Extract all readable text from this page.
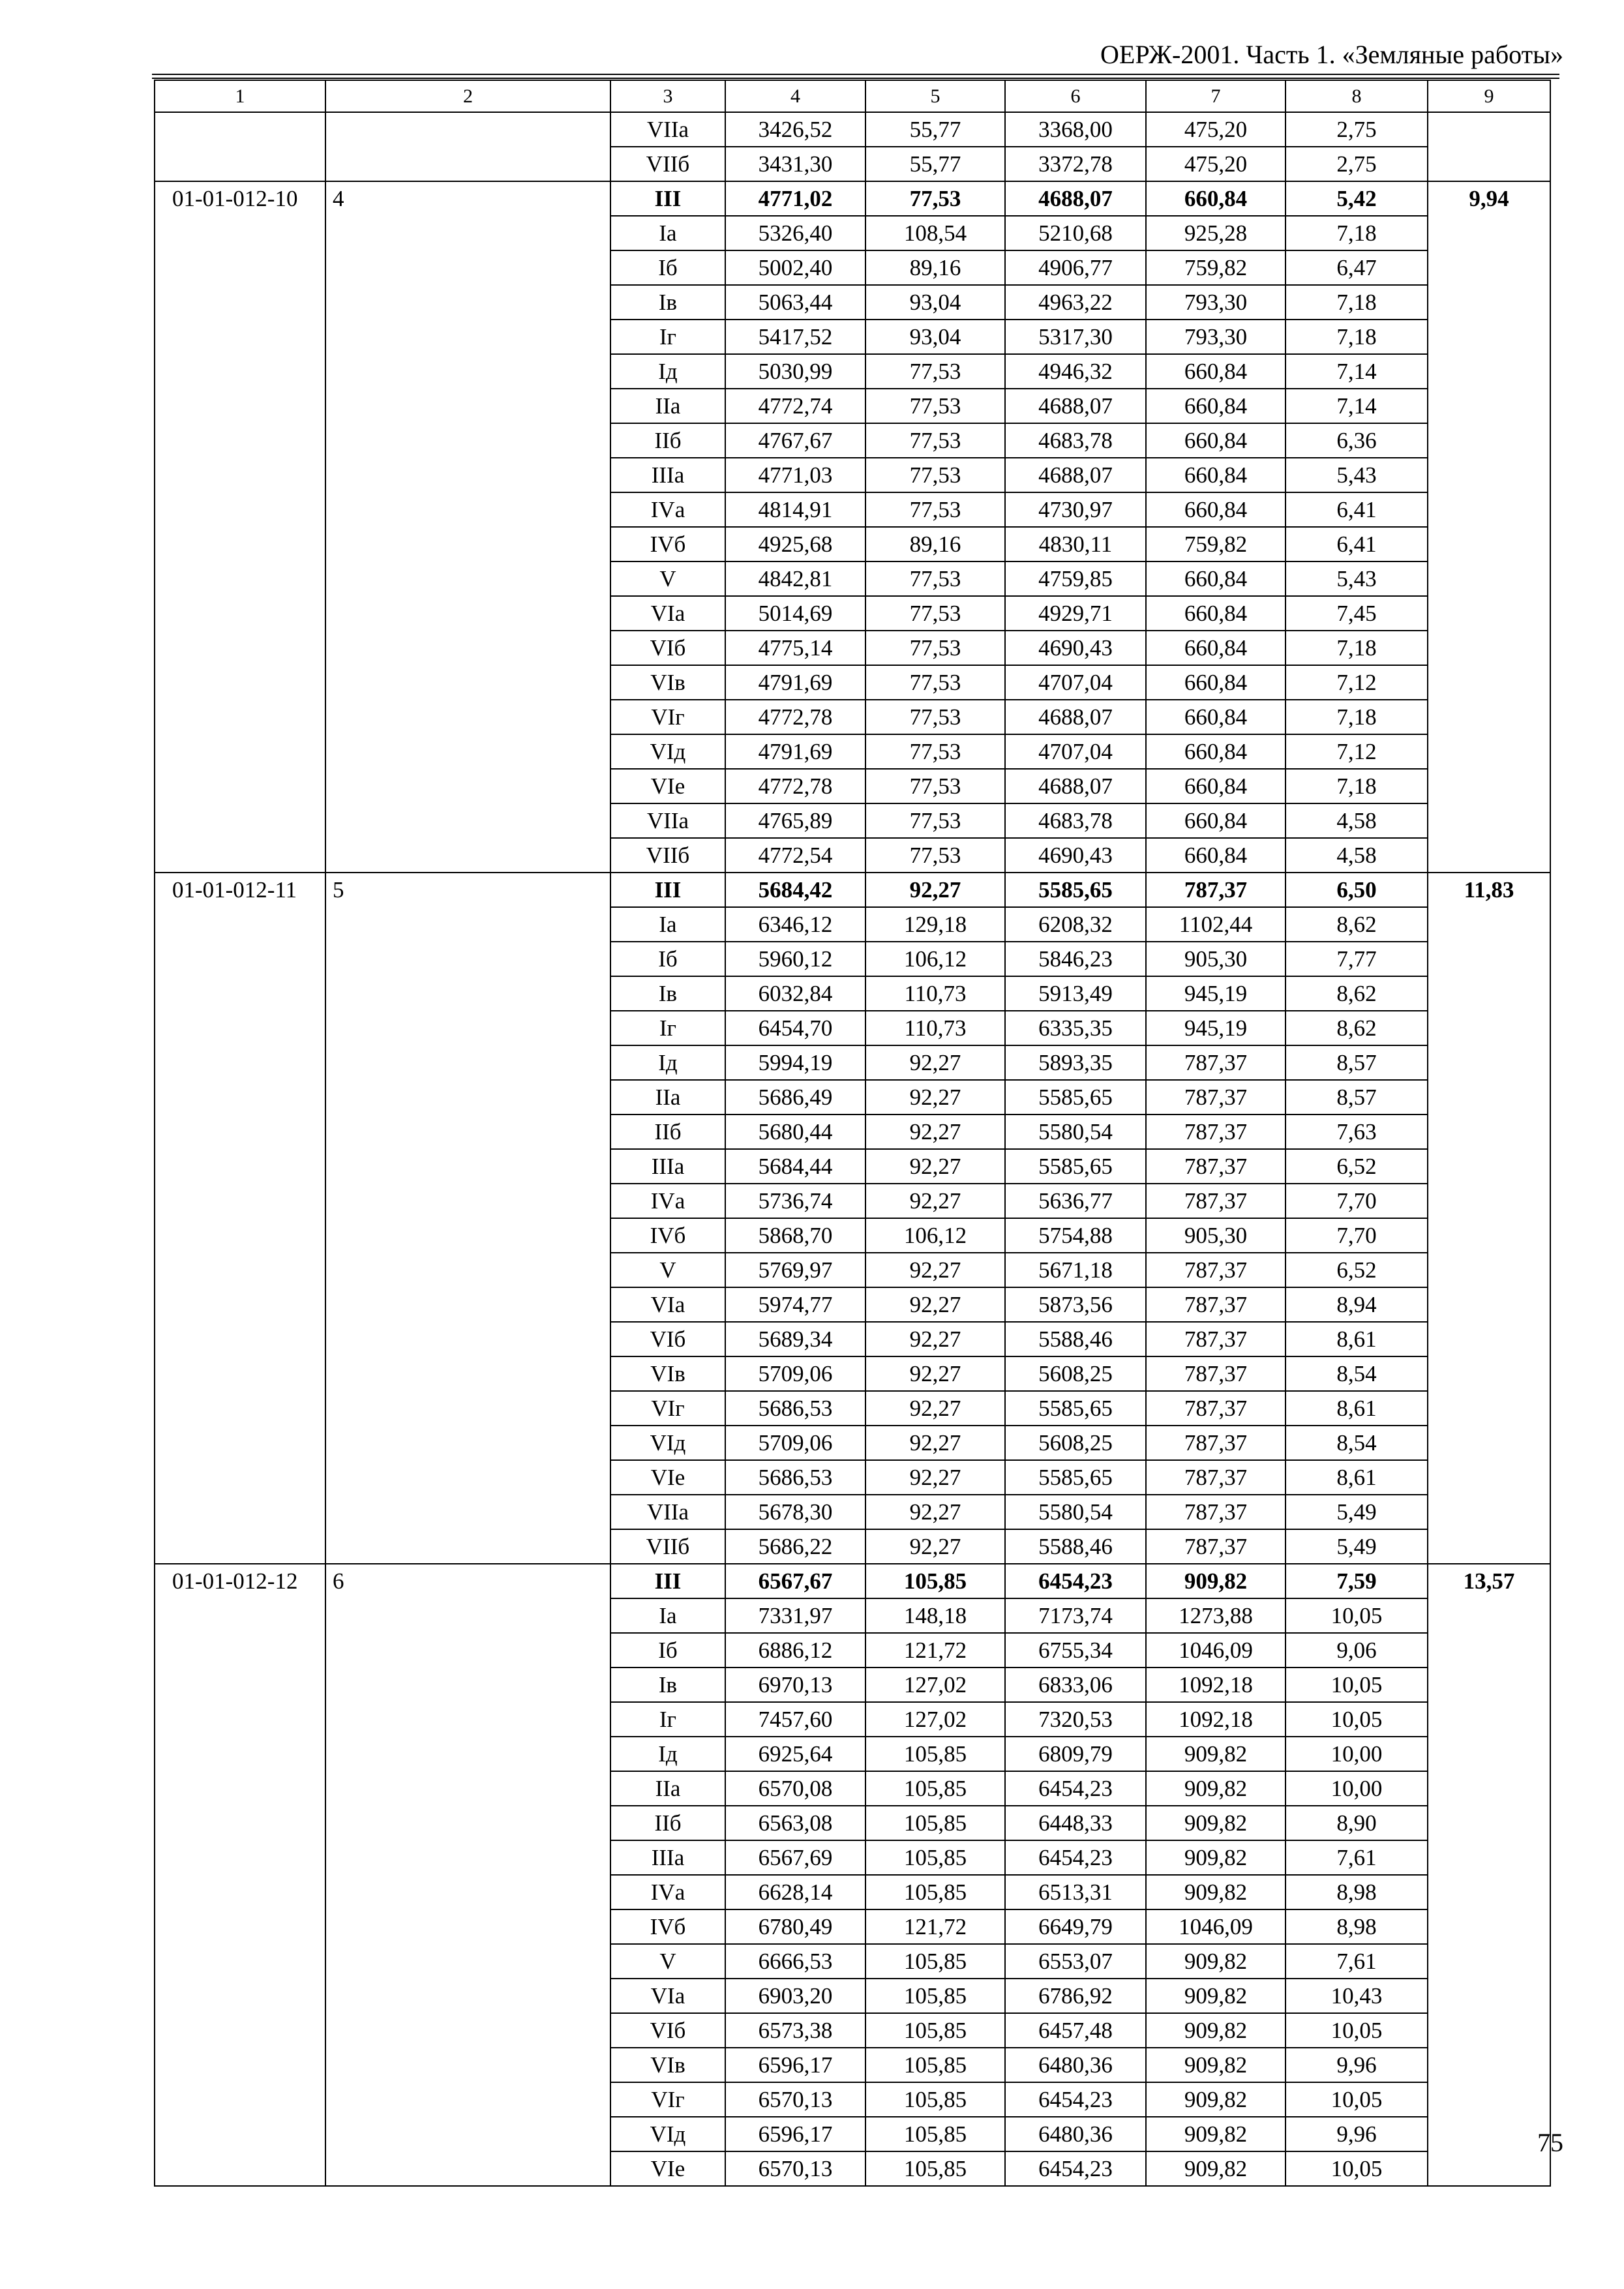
ОЕРЖ-2001. Часть 1. «Земляные работы»
1	2	3	4	5	6	7	8	9
		VIIа	3426,52	55,77	3368,00	475,20	2,75	
		VIIб	3431,30	55,77	3372,78	475,20	2,75	
01-01-012-10	4	III	4771,02	77,53	4688,07	660,84	5,42	9,94
		Iа	5326,40	108,54	5210,68	925,28	7,18	
		Iб	5002,40	89,16	4906,77	759,82	6,47	
		Iв	5063,44	93,04	4963,22	793,30	7,18	
		Iг	5417,52	93,04	5317,30	793,30	7,18	
		Iд	5030,99	77,53	4946,32	660,84	7,14	
		IIа	4772,74	77,53	4688,07	660,84	7,14	
		IIб	4767,67	77,53	4683,78	660,84	6,36	
		IIIа	4771,03	77,53	4688,07	660,84	5,43	
		IVа	4814,91	77,53	4730,97	660,84	6,41	
		IVб	4925,68	89,16	4830,11	759,82	6,41	
		V	4842,81	77,53	4759,85	660,84	5,43	
		VIа	5014,69	77,53	4929,71	660,84	7,45	
		VIб	4775,14	77,53	4690,43	660,84	7,18	
		VIв	4791,69	77,53	4707,04	660,84	7,12	
		VIг	4772,78	77,53	4688,07	660,84	7,18	
		VIд	4791,69	77,53	4707,04	660,84	7,12	
		VIе	4772,78	77,53	4688,07	660,84	7,18	
		VIIа	4765,89	77,53	4683,78	660,84	4,58	
		VIIб	4772,54	77,53	4690,43	660,84	4,58	
01-01-012-11	5	III	5684,42	92,27	5585,65	787,37	6,50	11,83
		Iа	6346,12	129,18	6208,32	1102,44	8,62	
		Iб	5960,12	106,12	5846,23	905,30	7,77	
		Iв	6032,84	110,73	5913,49	945,19	8,62	
		Iг	6454,70	110,73	6335,35	945,19	8,62	
		Iд	5994,19	92,27	5893,35	787,37	8,57	
		IIа	5686,49	92,27	5585,65	787,37	8,57	
		IIб	5680,44	92,27	5580,54	787,37	7,63	
		IIIа	5684,44	92,27	5585,65	787,37	6,52	
		IVа	5736,74	92,27	5636,77	787,37	7,70	
		IVб	5868,70	106,12	5754,88	905,30	7,70	
		V	5769,97	92,27	5671,18	787,37	6,52	
		VIа	5974,77	92,27	5873,56	787,37	8,94	
		VIб	5689,34	92,27	5588,46	787,37	8,61	
		VIв	5709,06	92,27	5608,25	787,37	8,54	
		VIг	5686,53	92,27	5585,65	787,37	8,61	
		VIд	5709,06	92,27	5608,25	787,37	8,54	
		VIе	5686,53	92,27	5585,65	787,37	8,61	
		VIIа	5678,30	92,27	5580,54	787,37	5,49	
		VIIб	5686,22	92,27	5588,46	787,37	5,49	
01-01-012-12	6	III	6567,67	105,85	6454,23	909,82	7,59	13,57
		Iа	7331,97	148,18	7173,74	1273,88	10,05	
		Iб	6886,12	121,72	6755,34	1046,09	9,06	
		Iв	6970,13	127,02	6833,06	1092,18	10,05	
		Iг	7457,60	127,02	7320,53	1092,18	10,05	
		Iд	6925,64	105,85	6809,79	909,82	10,00	
		IIа	6570,08	105,85	6454,23	909,82	10,00	
		IIб	6563,08	105,85	6448,33	909,82	8,90	
		IIIа	6567,69	105,85	6454,23	909,82	7,61	
		IVа	6628,14	105,85	6513,31	909,82	8,98	
		IVб	6780,49	121,72	6649,79	1046,09	8,98	
		V	6666,53	105,85	6553,07	909,82	7,61	
		VIа	6903,20	105,85	6786,92	909,82	10,43	
		VIб	6573,38	105,85	6457,48	909,82	10,05	
		VIв	6596,17	105,85	6480,36	909,82	9,96	
		VIг	6570,13	105,85	6454,23	909,82	10,05	
		VIд	6596,17	105,85	6480,36	909,82	9,96	
		VIе	6570,13	105,85	6454,23	909,82	10,05	
75
